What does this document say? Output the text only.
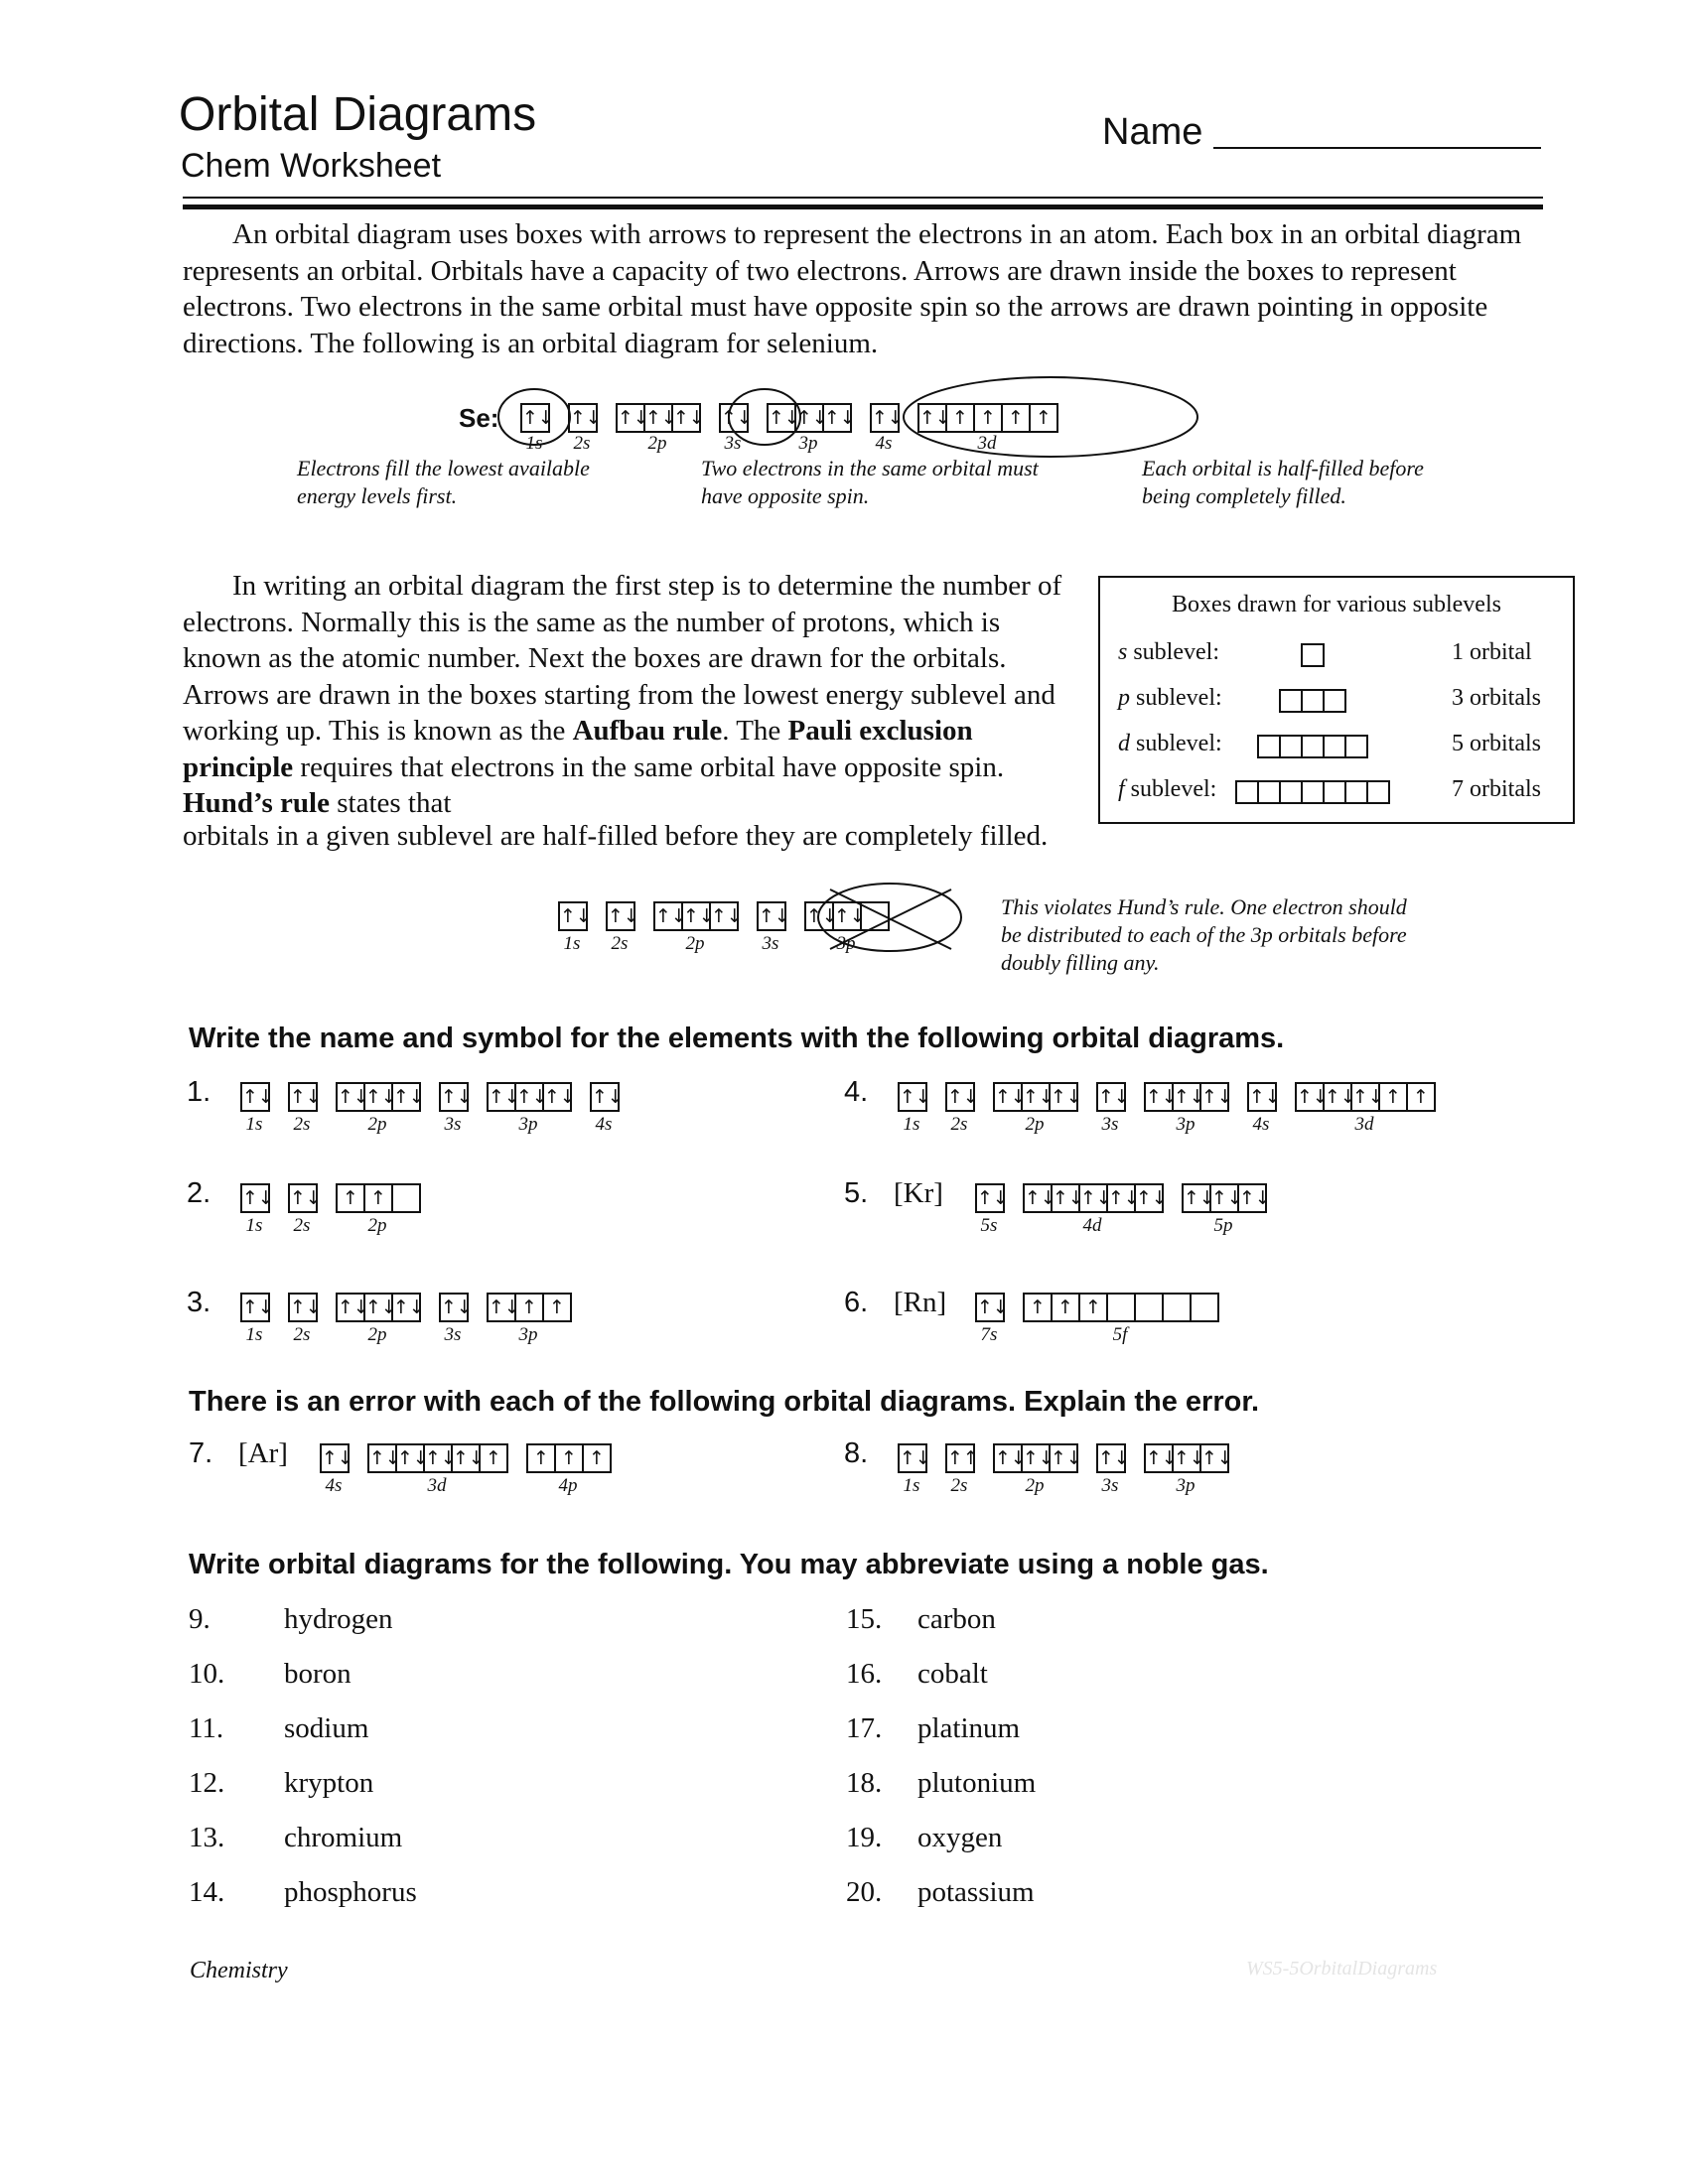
Orbital Diagrams
Chem Worksheet
Name

An orbital diagram uses boxes with arrows to represent the electrons in an atom. Each box in an orbital diagram represents an orbital. Orbitals have a capacity of two electrons. Arrows are drawn inside the boxes to represent electrons. Two electrons in the same orbital must have opposite spin so the arrows are drawn pointing in opposite directions. The following is an orbital diagram for selenium.

Se: ↑↓
1s
↑↓
2s
↑↓
↑↓
↑↓
2p
↑↓
3s
↑↓
↑↓
↑↓
3p
↑↓
4s
↑↓ ↑ ↑ ↑ ↑
3d
Electrons fill the lowest available energy levels first.
Two electrons in the same orbital must have opposite spin.
Each orbital is half-filled before being completely filled.

In writing an orbital diagram the first step is to determine the number of electrons. Normally this is the same as the number of protons, which is known as the atomic number. Next the boxes are drawn for the orbitals. Arrows are drawn in the boxes starting from the lowest energy sublevel and working up. This is known as the Aufbau rule. The Pauli exclusion principle requires that electrons in the same orbital have opposite spin. Hund’s rule states that

orbitals in a given sublevel are half-filled before they are completely filled.
Boxes drawn for various sublevels
s sublevel:	1 orbital
p sublevel:	3 orbitals
d sublevel:	5 orbitals
f sublevel:	7 orbitals
↑↓
1s
↑↓
2s
↑↓
↑↓
↑↓
2p
↑↓
3s
↑↓
↑↓
3p
This violates Hund’s rule. One electron should be distributed to each of the 3p orbitals before doubly filling any.
Write the name and symbol for the elements with the following orbital diagrams.
1. ↑↓
1s
↑↓
2s
↑↓
↑↓
↑↓
2p
↑↓
3s
↑↓
↑↓
↑↓
3p
↑↓
4s
2. ↑↓
1s
↑↓
2s
↑ ↑
2p
3. ↑↓
1s
↑↓
2s
↑↓
↑↓
↑↓
2p
↑↓
3s
↑↓ ↑ ↑
3p
4. ↑↓
1s
↑↓
2s
↑↓
↑↓
↑↓
2p
↑↓
3s
↑↓
↑↓
↑↓
3p
↑↓
4s
↑↓
↑↓
↑↓ ↑ ↑
3d
5. [Kr] ↑↓
5s
↑↓
↑↓
↑↓
↑↓
↑↓
4d
↑↓
↑↓
↑↓
5p
6. [Rn] ↑↓
7s
↑ ↑ ↑
5f
There is an error with each of the following orbital diagrams. Explain the error.
7. [Ar] ↑↓
4s
↑↓
↑↓
↑↓
↑↓ ↑
3d
↑ ↑ ↑
4p
8. ↑↓
1s
↑↑
2s
↑↓
↑↓
↑↓
2p
↑↓
3s
↑↓
↑↓
↑↓
3p
Write orbital diagrams for the following. You may abbreviate using a noble gas.
9.	hydrogen
10. boron
11. sodium
12. krypton
13. chromium
14. phosphorus
15. carbon
16. cobalt
17. platinum
18. plutonium
19. oxygen
20. potassium
Chemistry	WS5-5OrbitalDiagrams
